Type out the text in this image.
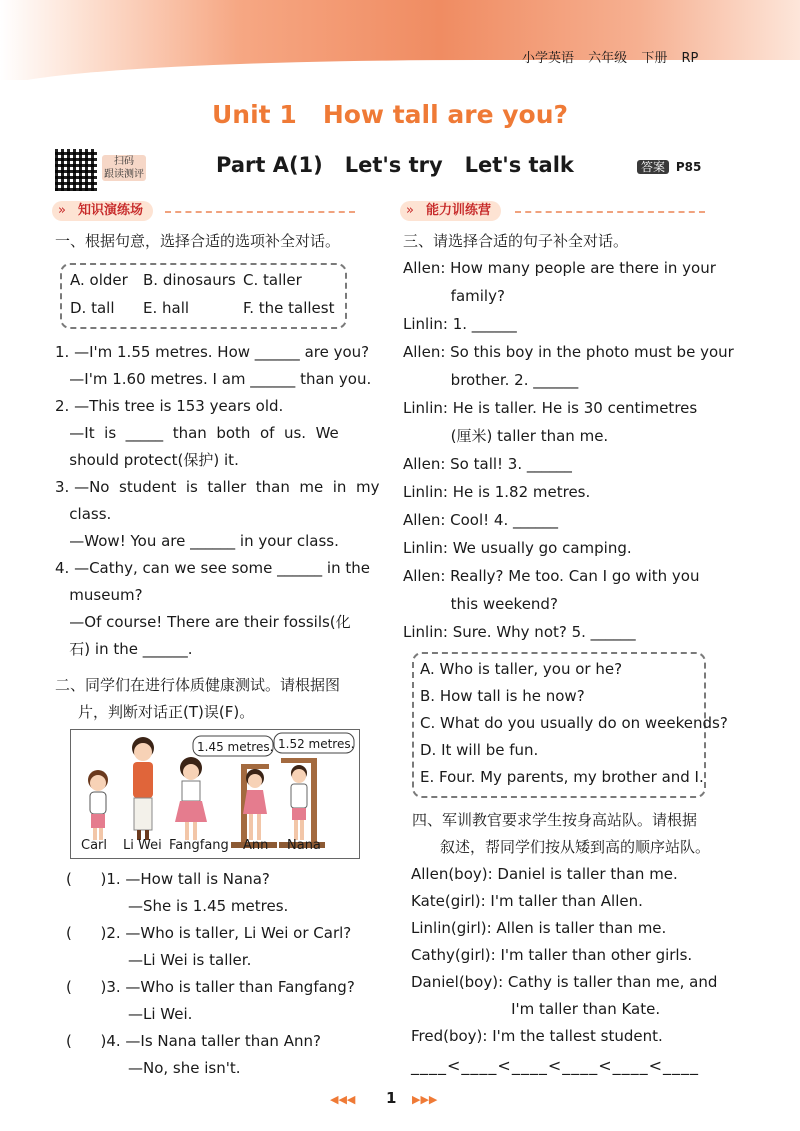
小学英语 六年级 下册 RP
Unit 1   How tall are you?
扫码
跟读测评	Part A(1)   Let's try   Let's talk	答案 P85
知识演练场
»	能力训练营
»
一、根据句意，选择合适的选项补全对话。
A. older B. dinosaurs C. taller
D. tall E. hall	F. the tallest
1. —I'm 1.55 metres. How ______ are you?
—I'm 1.60 metres. I am ______ than you.
2. —This tree is 153 years old.
—It  is  _____  than  both  of  us.  We
should protect(保护) it.
3. —No  student  is  taller  than  me  in  my
class.
—Wow! You are ______ in your class.
4. —Cathy, can we see some ______ in the
museum?
—Of course! There are their fossils(化
石) in the ______.
二、同学们在进行体质健康测试。请根据图
片，判断对话正(T)误(F)。
1.45 metres. 1.52 metres.
Carl Li Wei Fangfang Ann Nana
(      )1. —How tall is Nana?
—She is 1.45 metres.
(      )2. —Who is taller, Li Wei or Carl?
—Li Wei is taller.
(      )3. —Who is taller than Fangfang?
—Li Wei.
(      )4. —Is Nana taller than Ann?
—No, she isn't.
三、请选择合适的句子补全对话。
Allen: How many people are there in your
family?
Linlin: 1. ______
Allen: So this boy in the photo must be your
brother. 2. ______
Linlin: He is taller. He is 30 centimetres
(厘米) taller than me.
Allen: So tall! 3. ______
Linlin: He is 1.82 metres.
Allen: Cool! 4. ______
Linlin: We usually go camping.
Allen: Really? Me too. Can I go with you
this weekend?
Linlin: Sure. Why not? 5. ______
A. Who is taller, you or he?
B. How tall is he now?
C. What do you usually do on weekends?
D. It will be fun.
E. Four. My parents, my brother and I.
四、军训教官要求学生按身高站队。请根据
叙述，帮同学们按从矮到高的顺序站队。
Allen(boy): Daniel is taller than me.
Kate(girl): I'm taller than Allen.
Linlin(girl): Allen is taller than me.
Cathy(girl): I'm taller than other girls.
Daniel(boy): Cathy is taller than me, and
I'm taller than Kate.
Fred(boy): I'm the tallest student.
____<____<____<____<____<____
◀◀◀ 1 ▶▶▶
